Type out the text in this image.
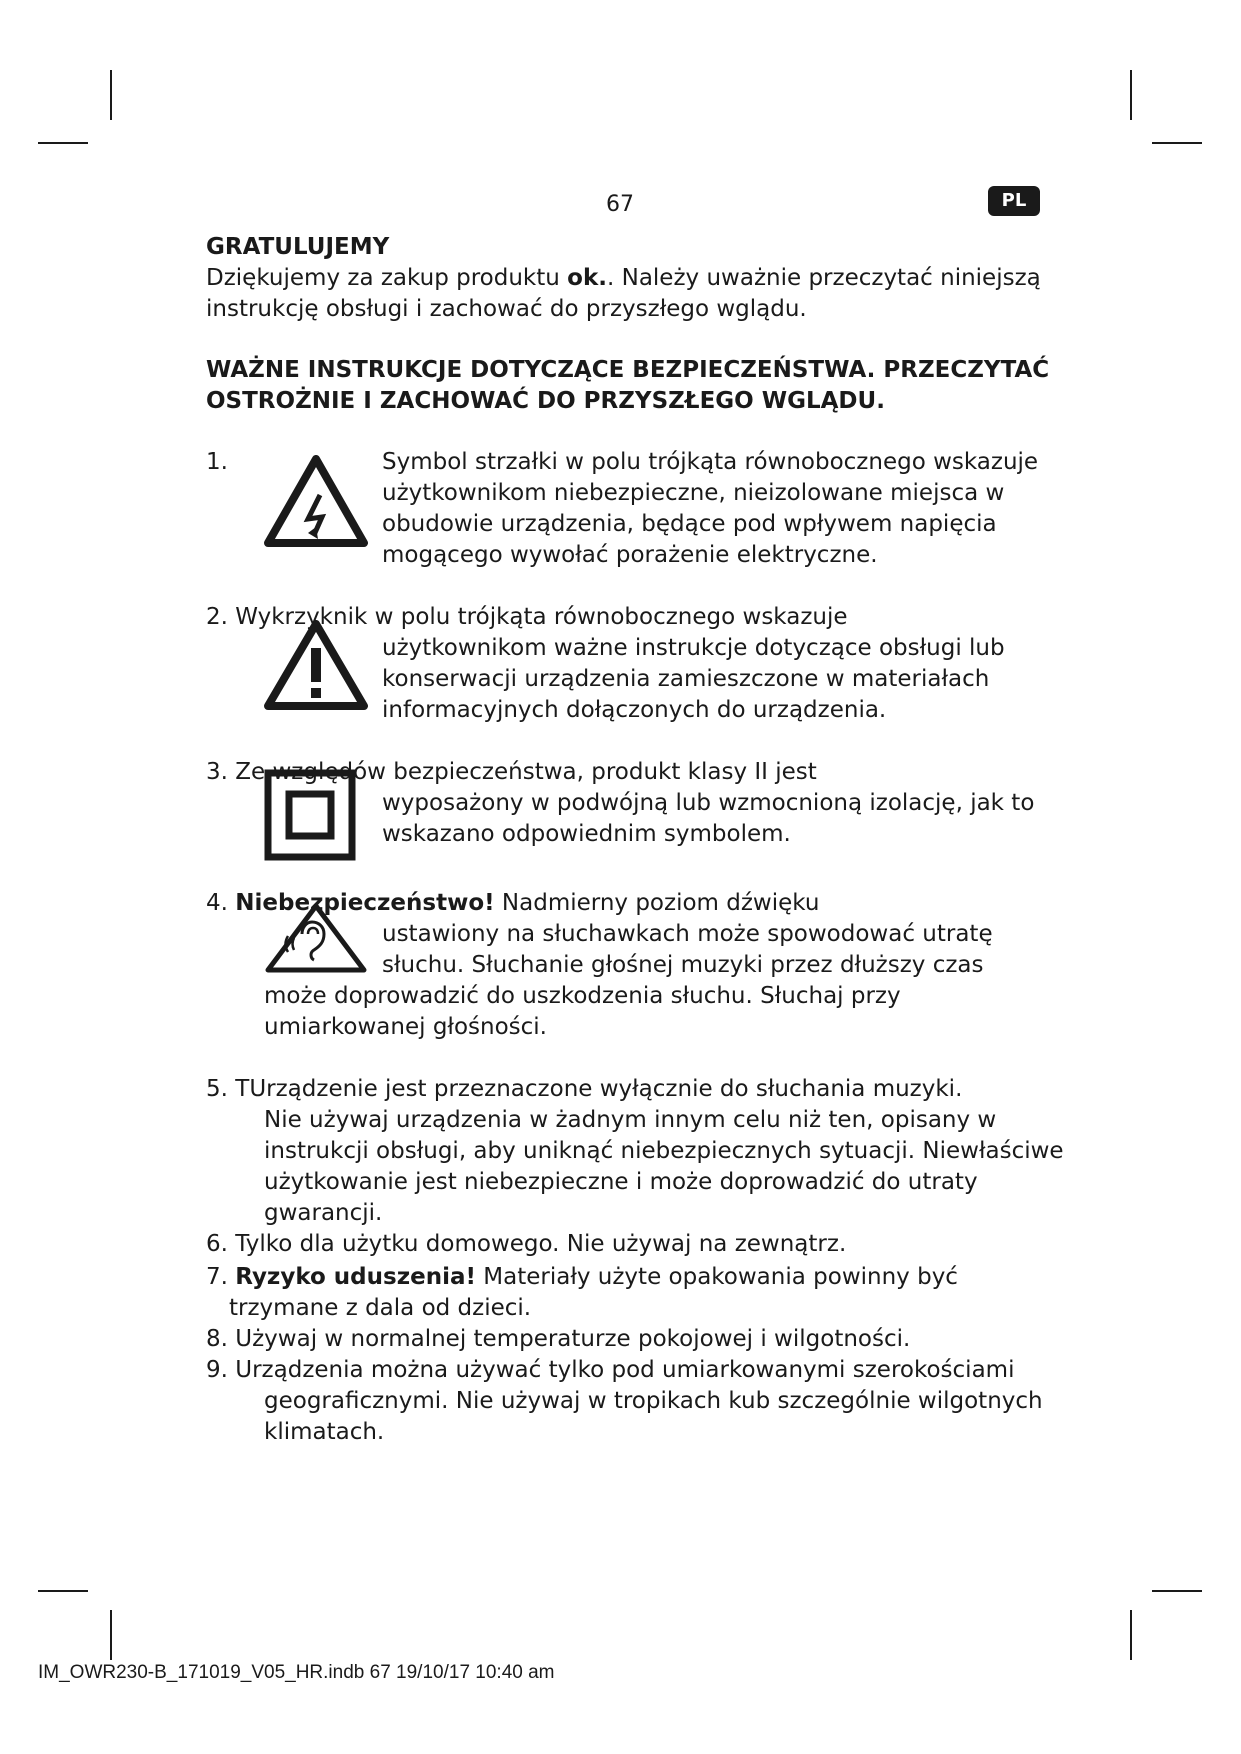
67	PL
GRATULUJEMY

Dziękujemy za zakup produktu ok.. Należy uważnie przeczytać niniejszą instrukcję obsługi i zachować do przyszłego wglądu.

WAŻNE INSTRUKCJE DOTYCZĄCE BEZPIECZEŃSTWA. PRZECZYTAĆ OSTROŻNIE I ZACHOWAĆ DO PRZYSZŁEGO WGLĄDU.
1.	Symbol strzałki w polu trójkąta równobocznego wskazuje użytkownikom niebezpieczne, nieizolowane miejsca w obudowie urządzenia, będące pod wpływem napięcia mogącego wywołać porażenie elektryczne.

2. Wykrzyknik w polu trójkąta równobocznego wskazuje

użytkownikom ważne instrukcje dotyczące obsługi lub konserwacji urządzenia zamieszczone w materiałach informacyjnych dołączonych do urządzenia.

3. Ze względów bezpieczeństwa, produkt klasy II jest

wyposażony w podwójną lub wzmocnioną izolację, jak to wskazano odpowiednim symbolem.

4. Niebezpieczeństwo! Nadmierny poziom dźwięku

ustawiony na słuchawkach może spowodować utratę słuchu. Słuchanie głośnej muzyki przez dłuższy czas

może doprowadzić do uszkodzenia słuchu. Słuchaj przy umiarkowanej głośności.

5. TUrządzenie jest przeznaczone wyłącznie do słuchania muzyki.

Nie używaj urządzenia w żadnym innym celu niż ten, opisany w instrukcji obsługi, aby uniknąć niebezpiecznych sytuacji. Niewłaściwe użytkowanie jest niebezpieczne i może doprowadzić do utraty gwarancji.

6. Tylko dla użytku domowego. Nie używaj na zewnątrz.

7. Ryzyko uduszenia! Materiały użyte opakowania powinny być trzymane z dala od dzieci.

8. Używaj w normalnej temperaturze pokojowej i wilgotności.

9. Urządzenia można używać tylko pod umiarkowanymi szerokościami geograficznymi. Nie używaj w tropikach kub szczególnie wilgotnych klimatach.

IM_OWR230-B_171019_V05_HR.indb 67 19/10/17 10:40 am
